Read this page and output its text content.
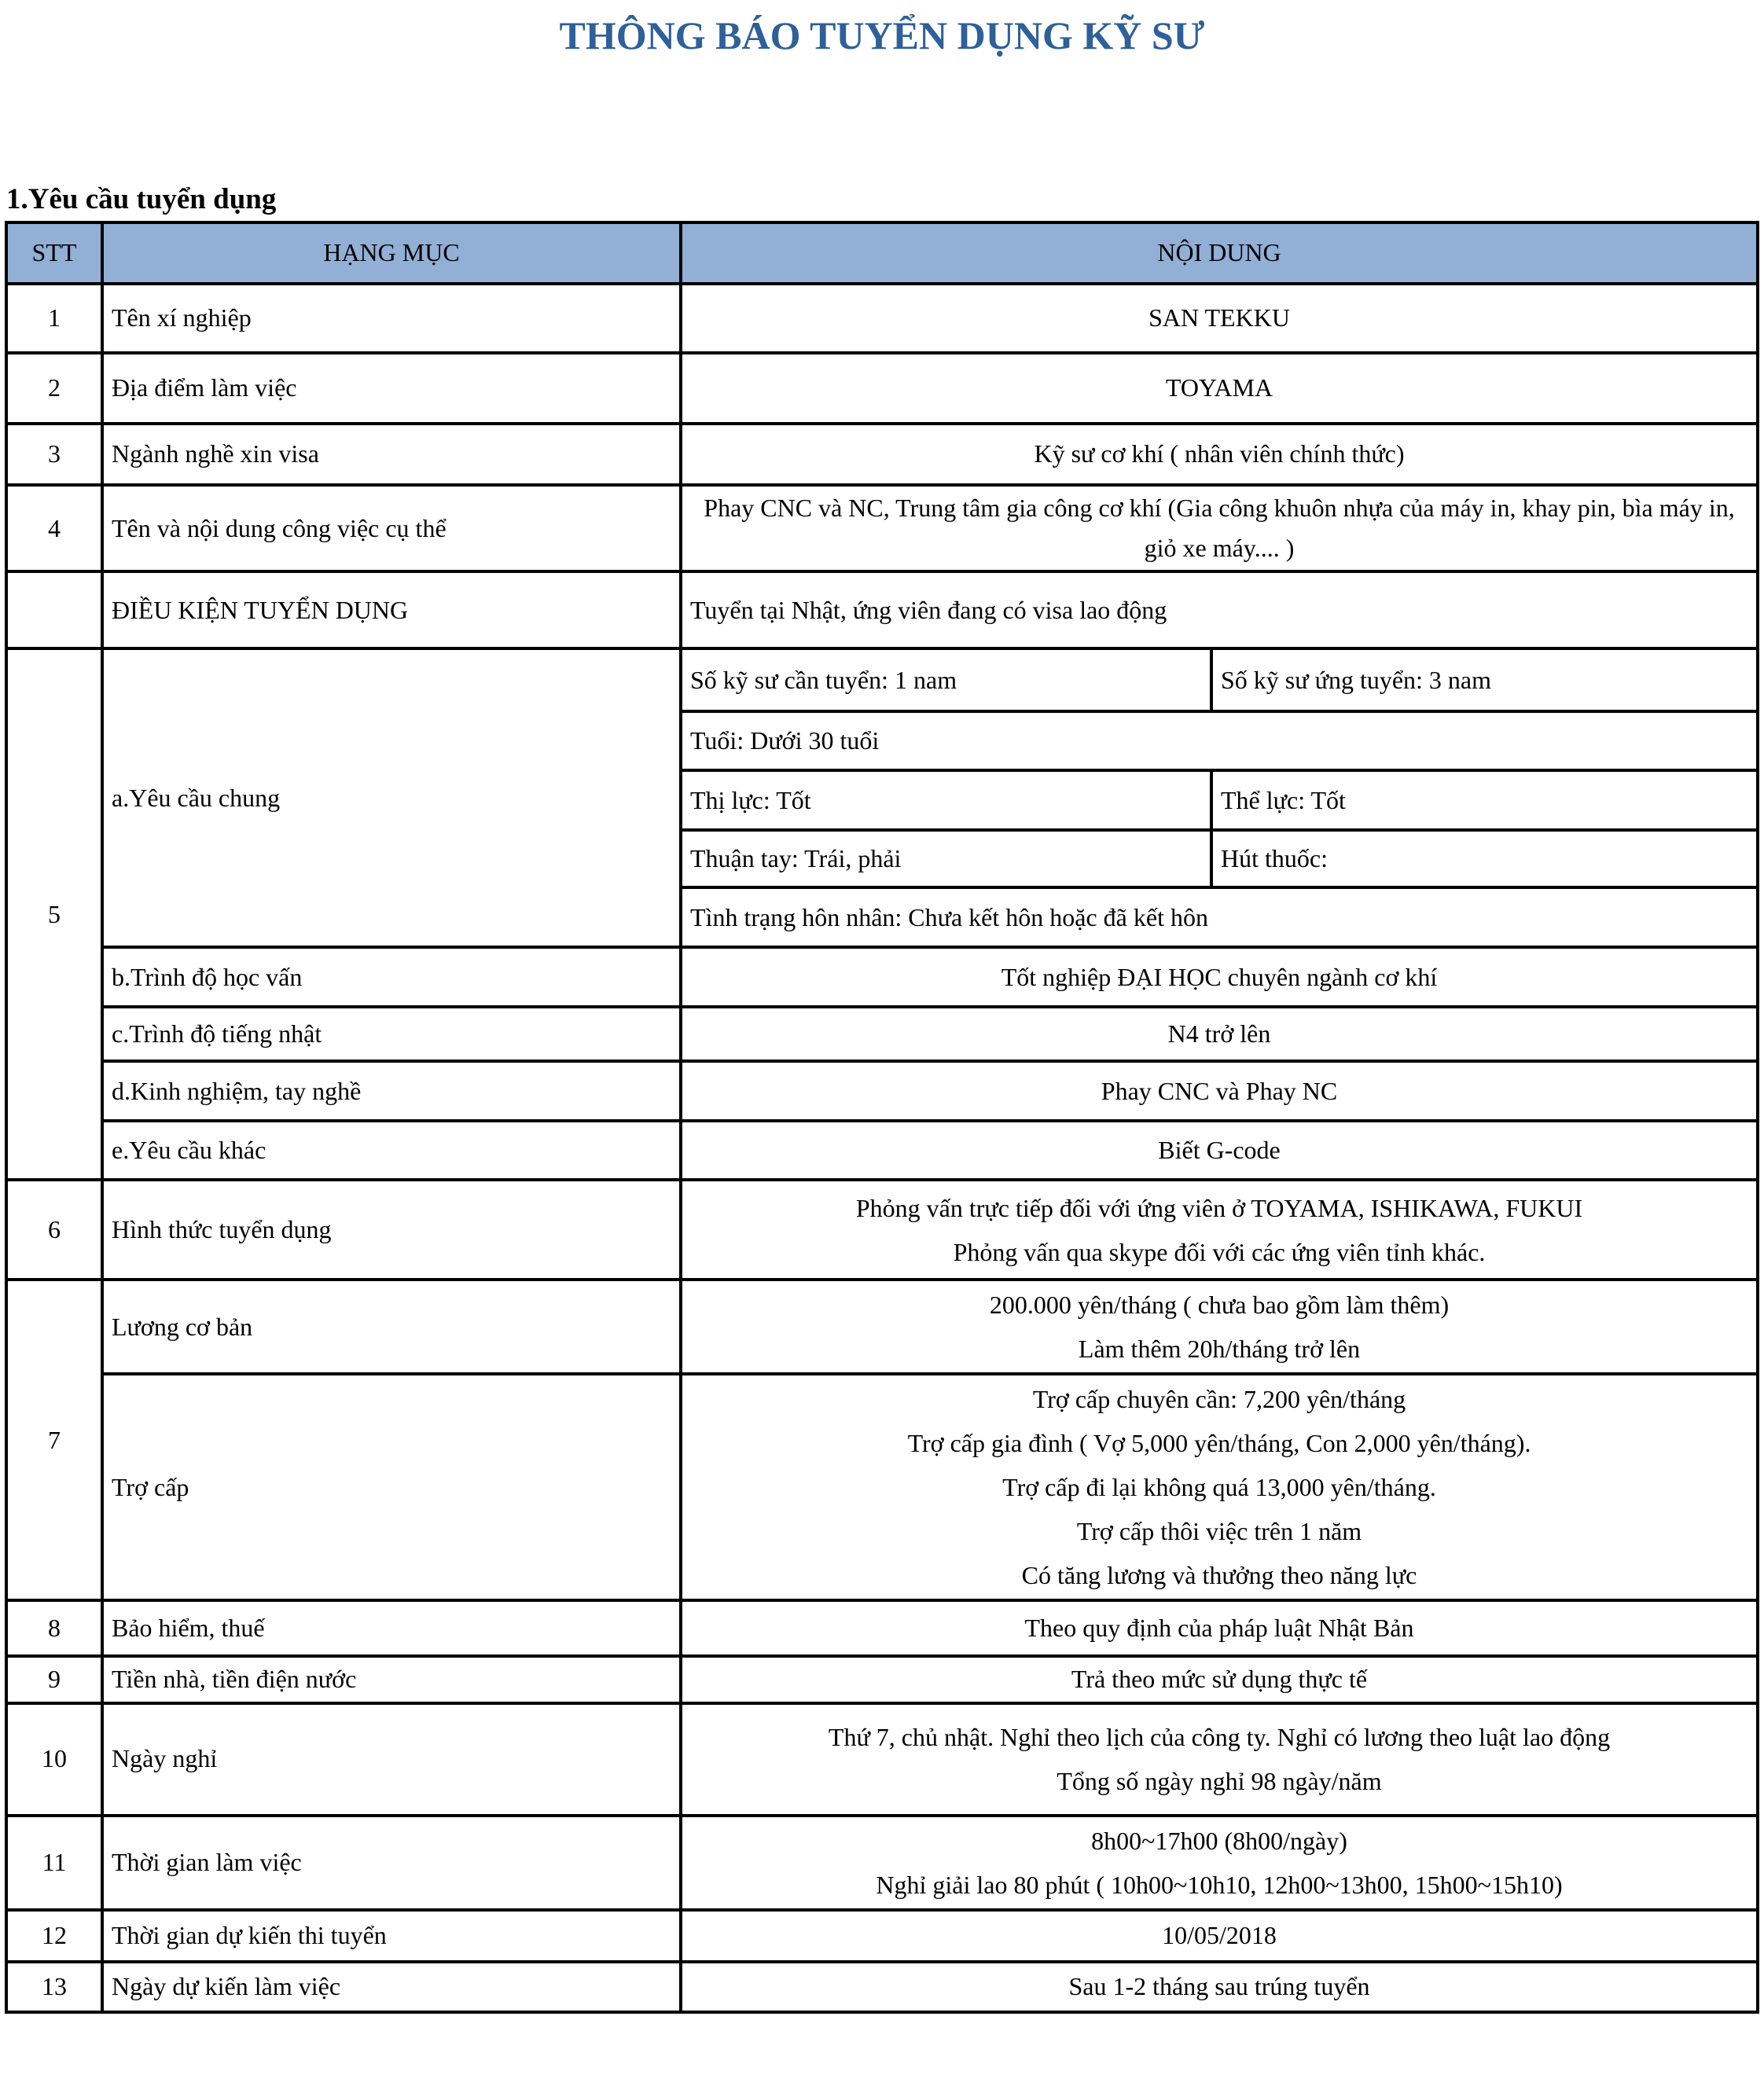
THÔNG BÁO TUYỂN DỤNG KỸ SƯ
1.Yêu cầu tuyển dụng
STT	HẠNG MỤC	NỘI DUNG	
1	Tên xí nghiệp	SAN TEKKU	
2	Địa điểm làm việc	TOYAMA	
3	Ngành nghề xin visa	Kỹ sư cơ khí ( nhân viên chính thức)	
4	Tên và nội dung công việc cụ thể	Phay CNC và NC, Trung tâm gia công cơ khí (Gia công khuôn nhựa của máy in, khay pin, bìa máy in, giỏ xe máy.... )	
	ĐIỀU KIỆN TUYỂN DỤNG	Tuyển tại Nhật, ứng viên đang có visa lao động	
5	a.Yêu cầu chung	Số kỹ sư cần tuyển: 1 nam	Số kỹ sư ứng tuyển: 3 nam
		Tuổi: Dưới 30 tuổi	
		Thị lực: Tốt	Thể lực: Tốt
		Thuận tay: Trái, phải	Hút thuốc:
		Tình trạng hôn nhân: Chưa kết hôn hoặc đã kết hôn	
	b.Trình độ học vấn	Tốt nghiệp ĐẠI HỌC chuyên ngành cơ khí	
	c.Trình độ tiếng nhật	N4 trở lên	
	d.Kinh nghiệm, tay nghề	Phay CNC và Phay NC	
	e.Yêu cầu khác	Biết G-code	
6	Hình thức tuyển dụng	Phỏng vấn trực tiếp đối với ứng viên ở TOYAMA, ISHIKAWA, FUKUI
Phỏng vấn qua skype đối với các ứng viên tỉnh khác.	

7	Lương cơ bản	200.000 yên/tháng ( chưa bao gồm làm thêm)
Làm thêm 20h/tháng trở lên	

	Trợ cấp	Trợ cấp chuyên cần: 7,200 yên/tháng
Trợ cấp gia đình ( Vợ 5,000 yên/tháng, Con 2,000 yên/tháng).
Trợ cấp đi lại không quá 13,000 yên/tháng.
Trợ cấp thôi việc trên 1 năm
Có tăng lương và thưởng theo năng lực	

8	Bảo hiểm, thuế	Theo quy định của pháp luật Nhật Bản	
9	Tiền nhà, tiền điện nước	Trả theo mức sử dụng thực tế	
10	Ngày nghỉ	Thứ 7, chủ nhật. Nghỉ theo lịch của công ty. Nghỉ có lương theo luật lao động
Tổng số ngày nghỉ 98 ngày/năm	

11	Thời gian làm việc	8h00~17h00 (8h00/ngày)
Nghỉ giải lao 80 phút ( 10h00~10h10, 12h00~13h00, 15h00~15h10)	

12	Thời gian dự kiến thi tuyển	10/05/2018	
13	Ngày dự kiến làm việc	Sau 1-2 tháng sau trúng tuyển	
